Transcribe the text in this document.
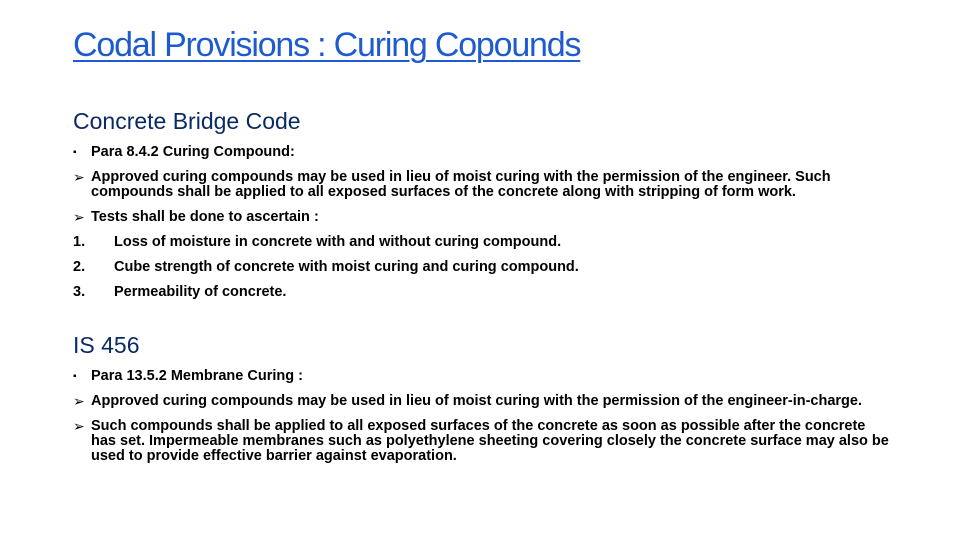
Codal Provisions : Curing Copounds
Concrete Bridge Code
▪ Para 8.4.2 Curing Compound:
➢ Approved curing compounds may be used in lieu of moist curing with the permission of the engineer. Such compounds shall be applied to all exposed surfaces of the concrete along with stripping of form work.
➢ Tests shall be done to ascertain :
1.	Loss of moisture in concrete with and without curing compound.
2.	Cube strength of concrete with moist curing and curing compound.
3.	Permeability of concrete.
IS 456
▪ Para 13.5.2 Membrane Curing :
➢ Approved curing compounds may be used in lieu of moist curing with the permission of the engineer-in-charge.
➢ Such compounds shall be applied to all exposed surfaces of the concrete as soon as possible after the concrete has set. Impermeable membranes such as polyethylene sheeting covering closely the concrete surface may also be used to provide effective barrier against evaporation.
